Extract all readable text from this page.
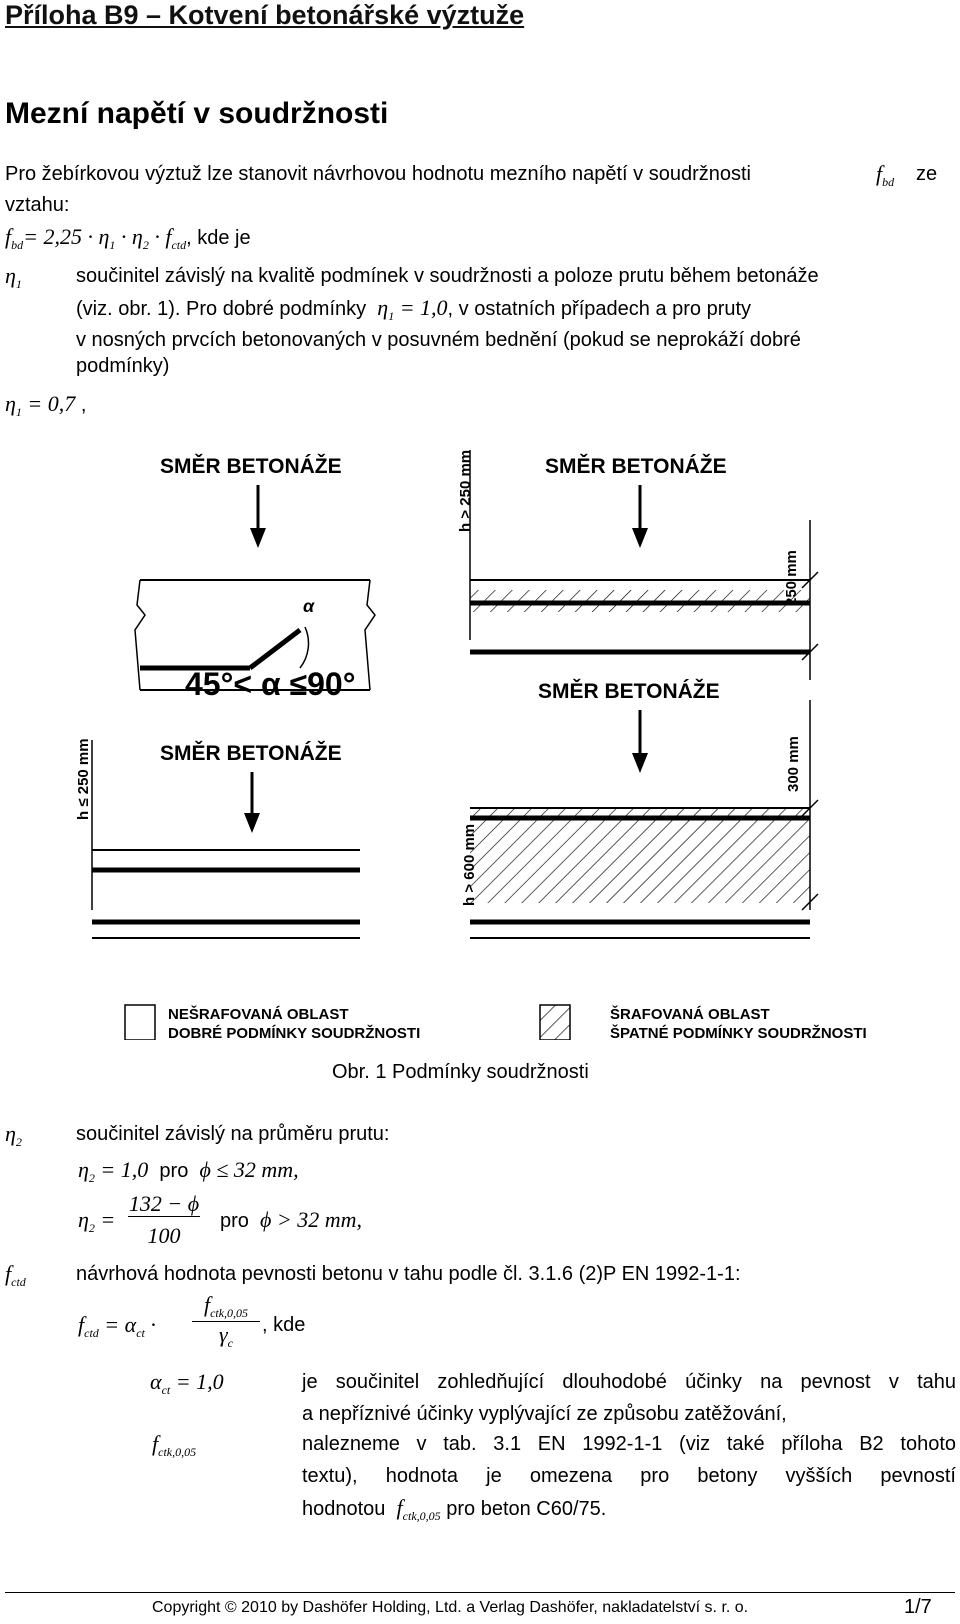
Příloha B9 – Kotvení betonářské výztuže
Mezní napětí v soudržnosti
Pro žebírkovou výztuž lze stanovit návrhovou hodnotu mezního napětí v soudržnosti	$f_{bd}$ ze
vztahu:
$f_{bd}= 2,25 \cdot \eta_1 \cdot \eta_2 \cdot f_{ctd}$, kde je
$\eta_1$	součinitel závislý na kvalitě podmínek v soudržnosti a poloze prutu během betonáže
(viz. obr. 1). Pro dobré podmínky $\eta_1 = 1,0$, v ostatních případech a pro pruty
v nosných prvcích betonovaných v posuvném bednění (pokud se neprokáží dobré
podmínky)
$\eta_1 = 0,7$ ,
SMĚR BETONÁŽE
α
45°< α ≤90°
h > 250 mm	SMĚR BETONÁŽE
250 mm
h ≤ 250 mm	SMĚR BETONÁŽE
SMĚR BETONÁŽE
h > 600 mm
300 mm
NEŠRAFOVANÁ OBLAST
DOBRÉ PODMÍNKY SOUDRŽNOSTI
ŠRAFOVANÁ OBLAST
ŠPATNÉ PODMÍNKY SOUDRŽNOSTI
Obr. 1 Podmínky soudržnosti
$\eta_2$	součinitel závislý na průměru prutu:
$\eta_2 = 1,0$ pro ϕ ≤ 32 mm,
$\eta_2$ =
132 − ϕ
100
pro ϕ > 32 mm,
$f_{ctd}$	návrhová hodnota pevnosti betonu v tahu podle čl. 3.1.6 (2)P EN 1992-1-1:
$f_{ctd} = \alpha_{ct}$ ·
$f_{ctk,0,05}$
$\gamma_c$
, kde
$\alpha_{ct} = 1,0$	je součinitel zohledňující dlouhodobé účinky na pevnost v tahu
a nepříznivé účinky vyplývající ze způsobu zatěžování,
$f_{ctk,0,05}$	nalezneme v tab. 3.1 EN 1992-1-1 (viz také příloha B2 tohoto
textu), hodnota je omezena pro betony vyšších pevností
hodnotou $f_{ctk,0,05}$ pro beton C60/75.
Copyright © 2010 by Dashöfer Holding, Ltd. a Verlag Dashöfer, nakladatelství s. r. o.	1/7
